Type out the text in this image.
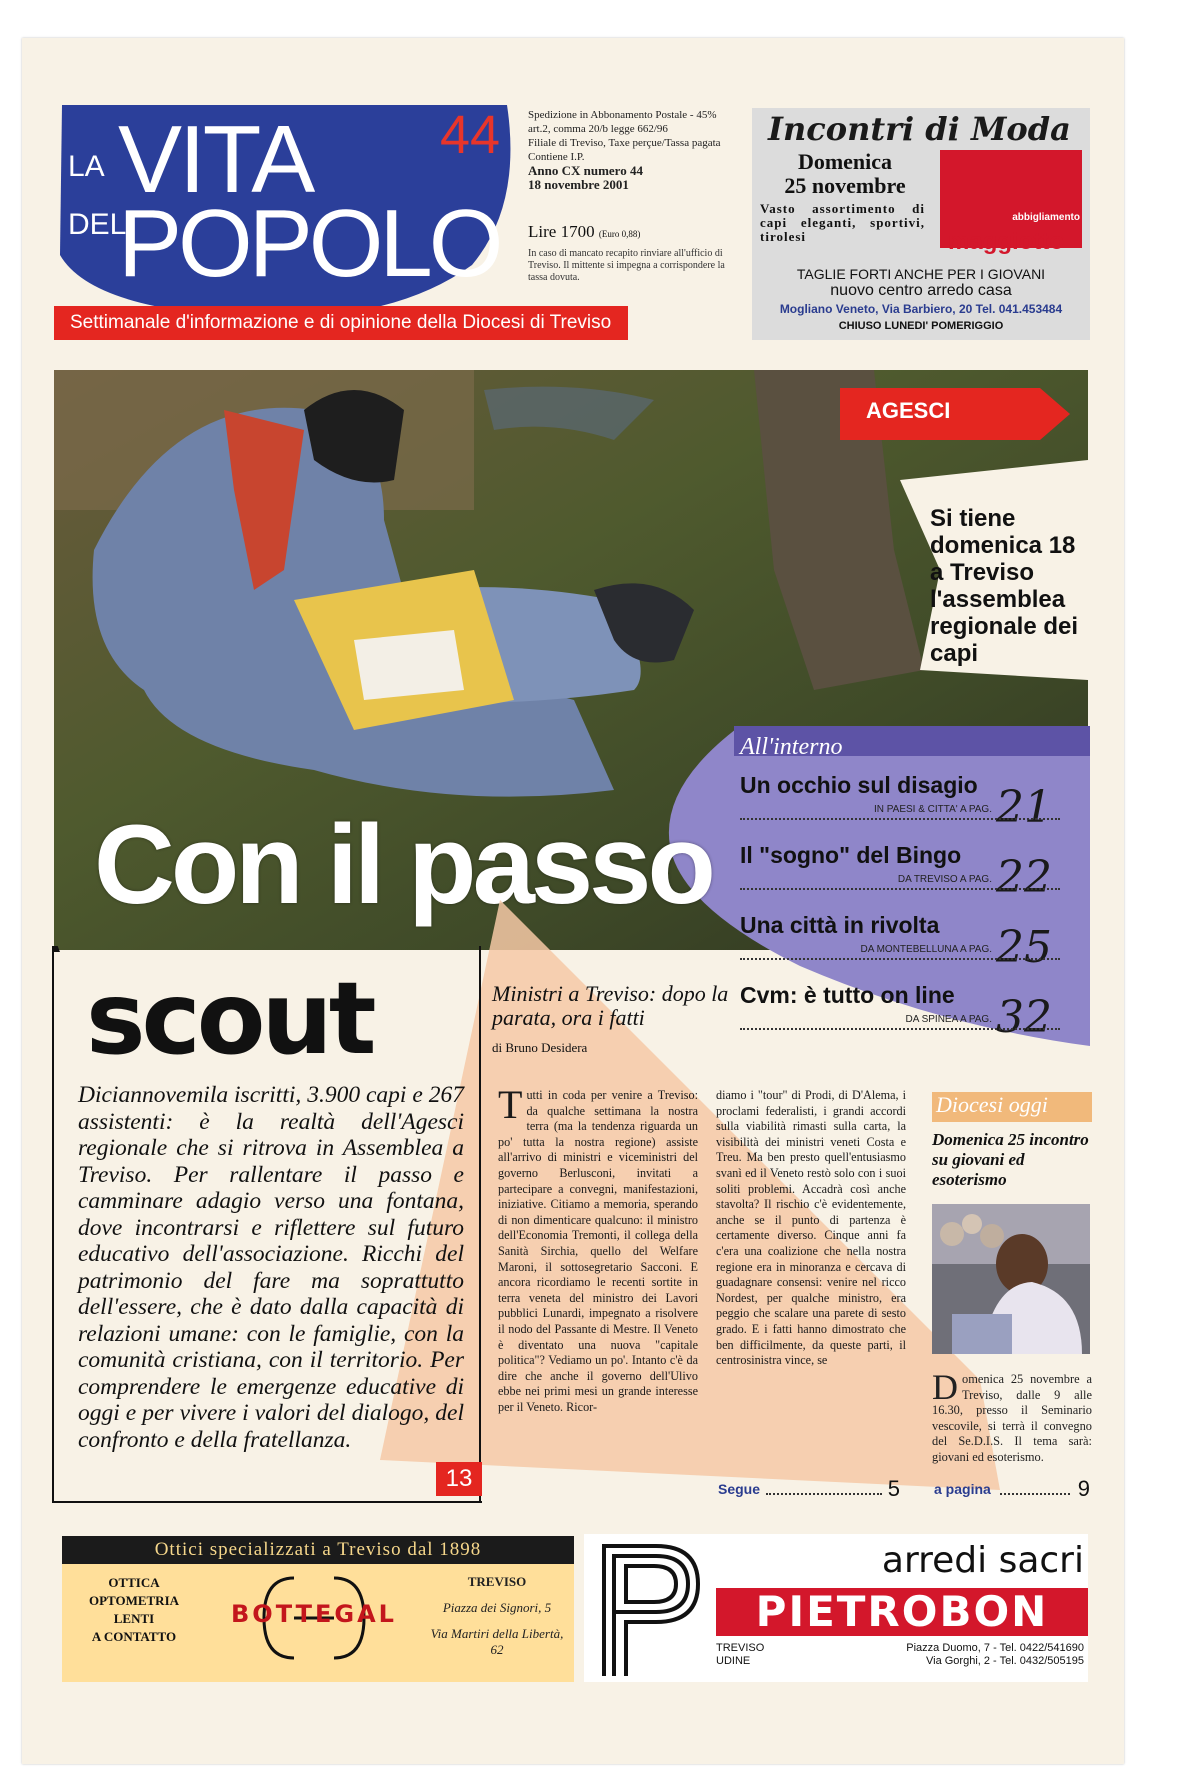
LA VITA
DEL
POPOLO
44
Settimanale d'informazione e di opinione della Diocesi di Treviso
Spedizione in Abbonamento Postale - 45%
art.2, comma 20/b legge 662/96
Filiale di Treviso, Taxe perçue/Tassa pagata
Contiene I.P.
Anno CX numero 44
18 novembre 2001
Lire 1700 (Euro 0,88)
In caso di mancato recapito rinviare all'ufficio di Treviso. Il mittente si impegna a corrispondere la tassa dovuta.
Incontri di Moda
Domenica
25 novembre
Vasto assortimento di capi eleganti, sportivi, tirolesi
abbigliamento
maggiotto
TAGLIE FORTI ANCHE PER I GIOVANI
nuovo centro arredo casa
Mogliano Veneto, Via Barbiero, 20 Tel. 041.453484
CHIUSO LUNEDI' POMERIGGIO
AGESCI
Si tiene domenica 18 a Treviso l'assemblea regionale dei capi
All'interno
Un occhio sul disagio
IN PAESI & CITTA' A PAG. 21
Il "sogno" del Bingo
DA TREVISO A PAG. 22
Una città in rivolta
DA MONTEBELLUNA A PAG. 25
Cvm: è tutto on line
DA SPINEA A PAG. 32
Con il passo
scout
Diciannovemila iscritti, 3.900 capi e 267 assistenti: è la realtà dell'Agesci regionale che si ritrova in Assemblea a Treviso. Per rallentare il passo e camminare adagio verso una fontana, dove incontrarsi e riflettere sul futuro educativo dell'associazione. Ricchi del patrimonio del fare ma soprattutto dell'essere, che è dato dalla capacità di relazioni umane: con le famiglie, con la comunità cristiana, con il territorio. Per comprendere le emergenze educative di oggi e per vivere i valori del dialogo, del confronto e della fratellanza.
13
Ministri a Treviso: dopo la parata, ora i fatti
di Bruno Desidera
Tutti in coda per venire a Treviso: da qualche settimana la nostra terra (ma la tendenza riguarda un po' tutta la nostra regione) assiste all'arrivo di ministri e viceministri del governo Berlusconi, invitati a partecipare a convegni, manifestazioni, iniziative. Citiamo a memoria, sperando di non dimenticare qualcuno: il ministro dell'Economia Tremonti, il collega della Sanità Sirchia, quello del Welfare Maroni, il sottosegretario Sacconi. E ancora ricordiamo le recenti sortite in terra veneta del ministro dei Lavori pubblici Lunardi, impegnato a risolvere il nodo del Passante di Mestre. Il Veneto è diventato una nuova "capitale politica"? Vediamo un po'. Intanto c'è da dire che anche il governo dell'Ulivo ebbe nei primi mesi un grande interesse per il Veneto. Ricor-
diamo i "tour" di Prodi, di D'Alema, i proclami federalisti, i grandi accordi sulla viabilità rimasti sulla carta, la visibilità dei ministri veneti Costa e Treu. Ma ben presto quell'entusiasmo svanì ed il Veneto restò solo con i suoi soliti problemi. Accadrà così anche stavolta? Il rischio c'è evidentemente, anche se il punto di partenza è certamente diverso. Cinque anni fa c'era una coalizione che nella nostra regione era in minoranza e cercava di guadagnare consensi: venire nel ricco Nordest, per qualche ministro, era peggio che scalare una parete di sesto grado. E i fatti hanno dimostrato che ben difficilmente, da queste parti, il centrosinistra vince, se
Segue	5
Diocesi oggi
Domenica 25 incontro su giovani ed esoterismo
Domenica 25 novembre a Treviso, dalle 9 alle 16.30, presso il Seminario vescovile, si terrà il convegno del Se.D.I.S. Il tema sarà: giovani ed esoterismo.
a pagina	9
Ottici specializzati a Treviso dal 1898
OTTICA
OPTOMETRIA
LENTI
A CONTATTO
BOTTEGAL
TREVISO
Piazza dei Signori, 5
Via Martiri della Libertà, 62
arredi sacri
PIETROBON
TREVISO	Piazza Duomo, 7 - Tel. 0422/541690
UDINE	Via Gorghi, 2 - Tel. 0432/505195
